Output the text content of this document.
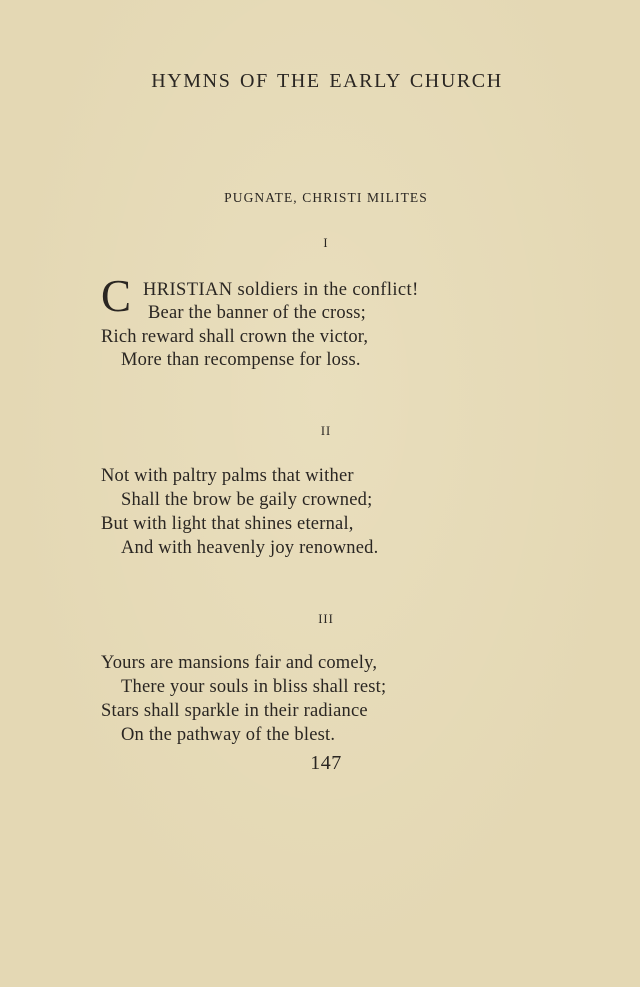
HYMNS OF THE EARLY CHURCH
PUGNATE, CHRISTI MILITES
I
C HRISTIAN soldiers in the conflict!
Bear the banner of the cross;
Rich reward shall crown the victor,
More than recompense for loss.
II
Not with paltry palms that wither
Shall the brow be gaily crowned;
But with light that shines eternal,
And with heavenly joy renowned.
III
Yours are mansions fair and comely,
There your souls in bliss shall rest;
Stars shall sparkle in their radiance
On the pathway of the blest.
147
